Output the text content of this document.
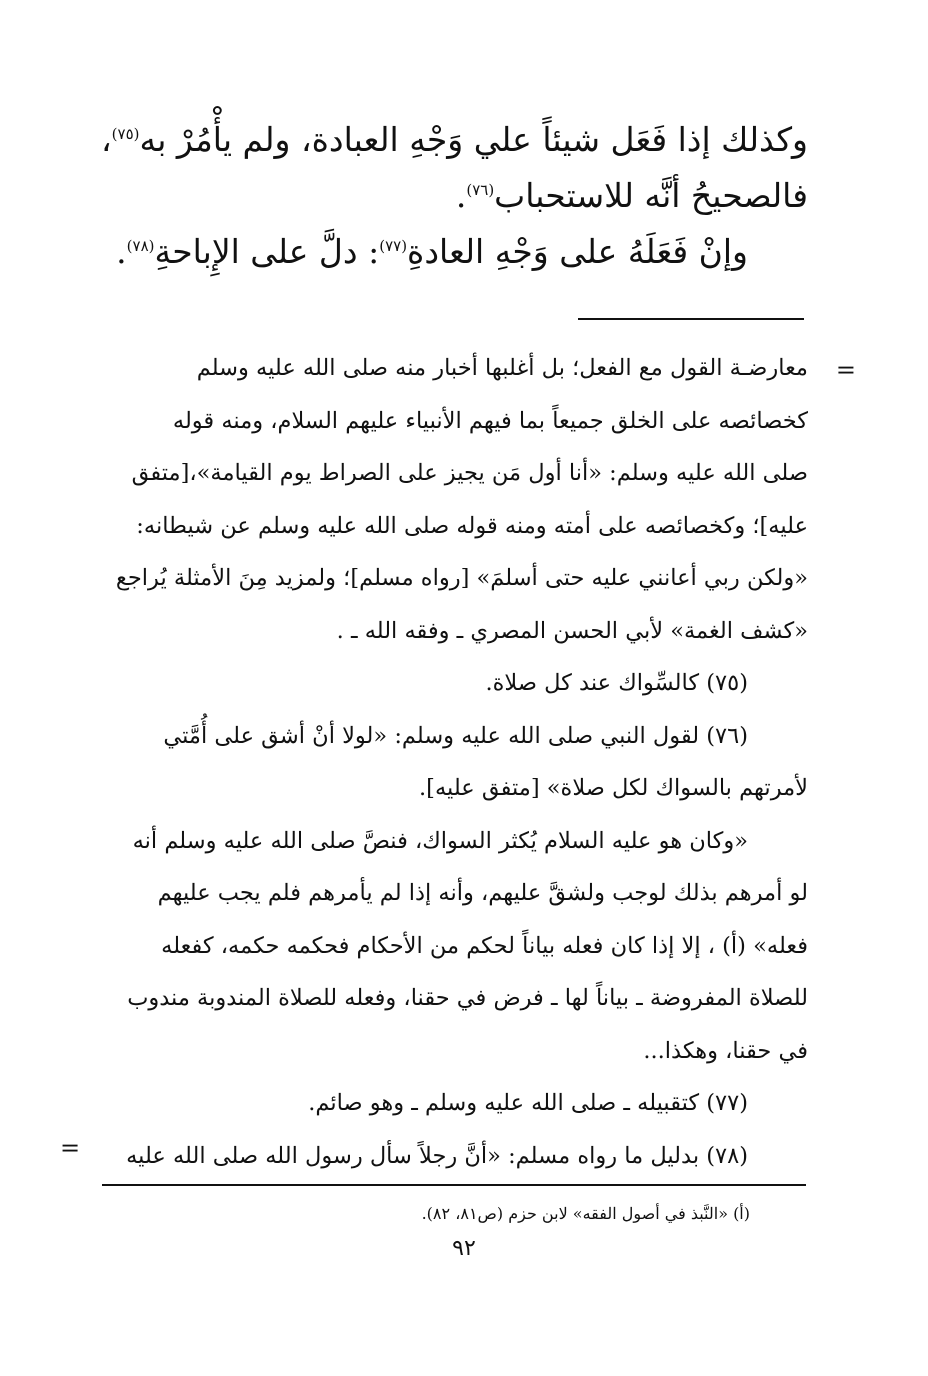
وكذلك إذا فَعَل شيئاً علي وَجْهِ العبادة، ولم يأْمُرْ به$^{(٧٥)}$،
فالصحيحُ أنَّه للاستحباب$^{(٧٦)}$.
وإنْ فَعَلَهُ على وَجْهِ العادةِ$^{(٧٧)}$: دلَّ على الإِباحةِ$^{(٧٨)}$.
=
معارضـة القول مع الفعل؛ بل أغلبها أخبار منه صلى الله عليه وسلم
كخصائصه على الخلق جميعاً بما فيهم الأنبياء عليهم السلام، ومنه قوله
صلى الله عليه وسلم: «أنا أول مَن يجيز على الصراط يوم القيامة»،[متفق
عليه]؛ وكخصائصه على أمته ومنه قوله صلى الله عليه وسلم عن شيطانه:
«ولكن ربي أعانني عليه حتى أسلمَ» [رواه مسلم]؛ ولمزيد مِنَ الأمثلة يُراجع
«كشف الغمة» لأبي الحسن المصري ـ وفقه الله ـ .
(٧٥) كالسِّواك عند كل صلاة.
(٧٦) لقول النبي صلى الله عليه وسلم: «لولا أنْ أشق على أُمَّتي
لأمرتهم بالسواك لكل صلاة» [متفق عليه].
«وكان هو عليه السلام يُكثر السواك، فنصَّ صلى الله عليه وسلم أنه
لو أمرهم بذلك لوجب ولشقَّ عليهم، وأنه إذا لم يأمرهم فلم يجب عليهم
فعله» (أ) ، إلا إذا كان فعله بياناً لحكم من الأحكام فحكمه حكمه، كفعله
للصلاة المفروضة ـ بياناً لها ـ فرض في حقنا، وفعله للصلاة المندوبة مندوب
في حقنا، وهكذا...
(٧٧) كتقبيله ـ صلى الله عليه وسلم ـ وهو صائم.
(٧٨) بدليل ما رواه مسلم: «أنَّ رجلاً سأل رسول الله صلى الله عليه
=
(أ) «النَّبذ في أصول الفقه» لابن حزم (ص٨١، ٨٢).
٩٢
